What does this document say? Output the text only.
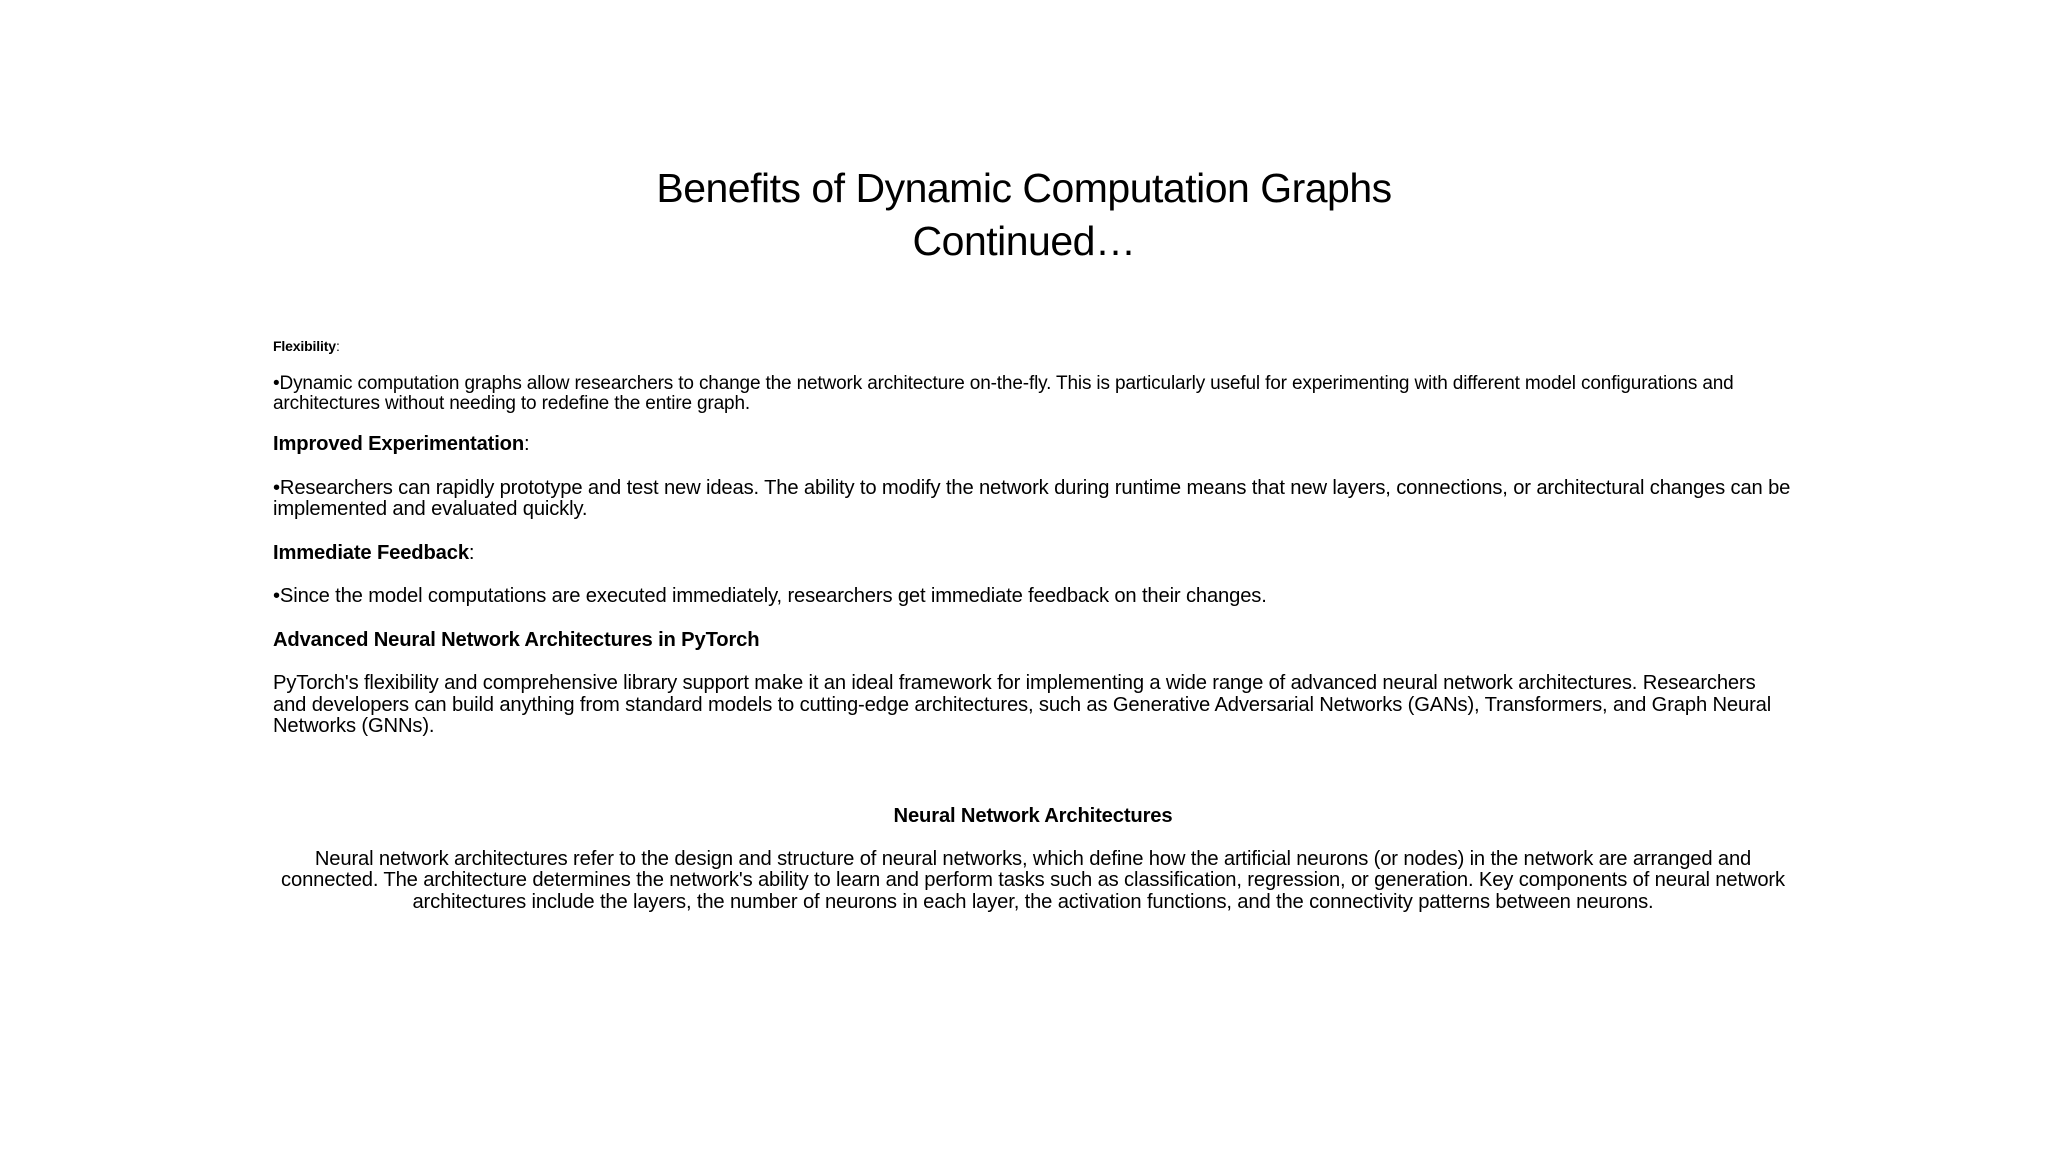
Benefits of Dynamic Computation Graphs
Continued…

Flexibility:

•Dynamic computation graphs allow researchers to change the network architecture on-the-fly. This is particularly useful for experimenting with different model configurations and architectures without needing to redefine the entire graph.

Improved Experimentation:

•Researchers can rapidly prototype and test new ideas. The ability to modify the network during runtime means that new layers, connections, or architectural changes can be implemented and evaluated quickly.

Immediate Feedback:

•Since the model computations are executed immediately, researchers get immediate feedback on their changes.

Advanced Neural Network Architectures in PyTorch

PyTorch's flexibility and comprehensive library support make it an ideal framework for implementing a wide range of advanced neural network architectures. Researchers and developers can build anything from standard models to cutting-edge architectures, such as Generative Adversarial Networks (GANs), Transformers, and Graph Neural Networks (GNNs).

Neural Network Architectures

Neural network architectures refer to the design and structure of neural networks, which define how the artificial neurons (or nodes) in the network are arranged and connected. The architecture determines the network's ability to learn and perform tasks such as classification, regression, or generation. Key components of neural network architectures include the layers, the number of neurons in each layer, the activation functions, and the connectivity patterns between neurons.
